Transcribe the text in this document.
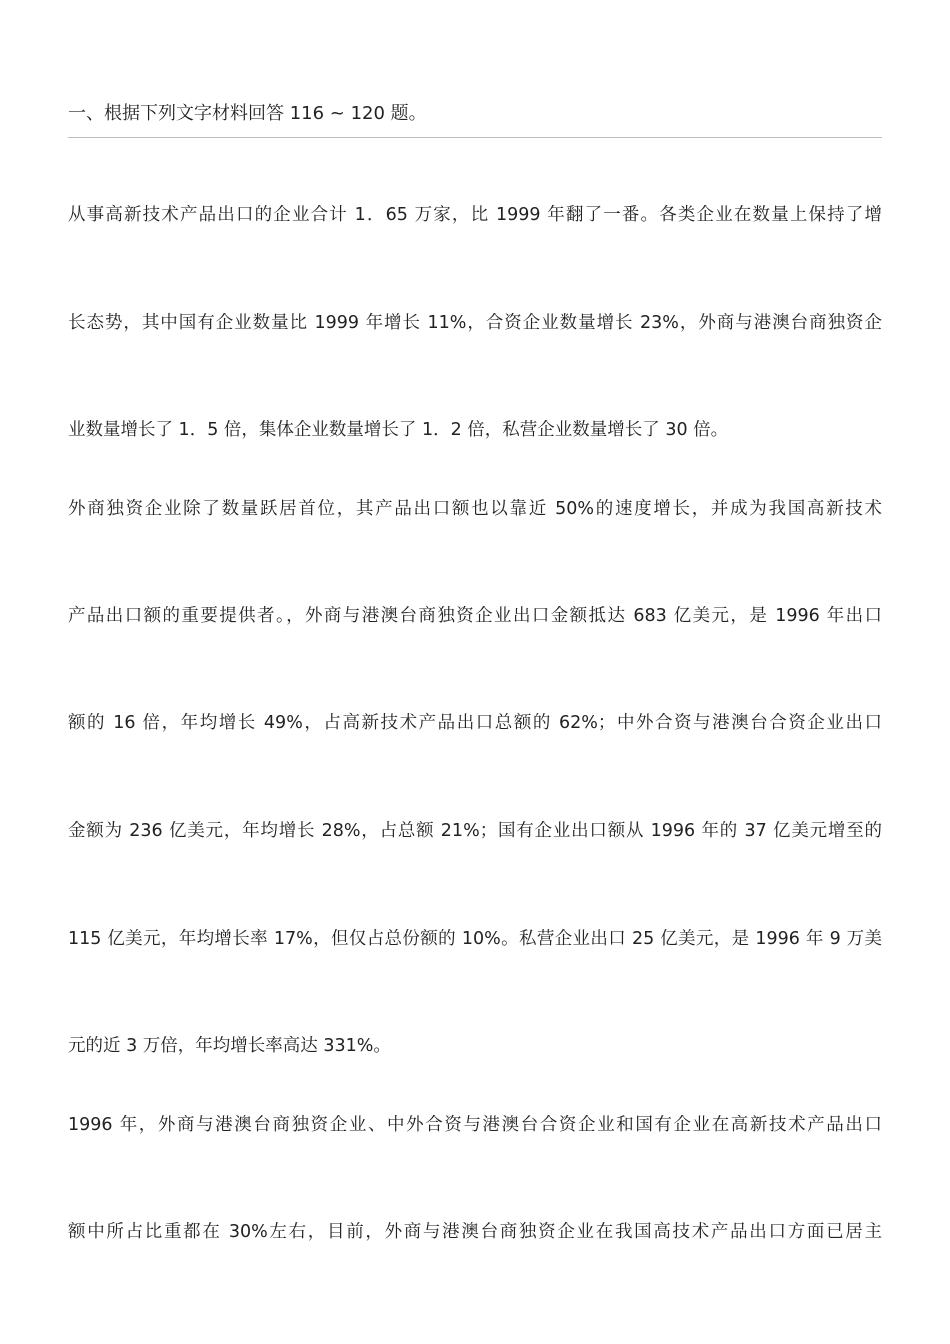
一、根据下列文字材料回答 116 ~ 120 题。
从事高新技术产品出口的企业合计 1．65 万家，比 1999 年翻了一番。各类企业在数量上保持了增
长态势，其中国有企业数量比 1999 年增长 11%，合资企业数量增长 23%，外商与港澳台商独资企
业数量增长了 1．5 倍，集体企业数量增长了 1．2 倍，私营企业数量增长了 30 倍。
外商独资企业除了数量跃居首位，其产品出口额也以靠近 50%的速度增长，并成为我国高新技术
产品出口额的重要提供者。，外商与港澳台商独资企业出口金额抵达 683 亿美元，是 1996 年出口
额的 16 倍，年均增长 49%，占高新技术产品出口总额的 62%；中外合资与港澳台合资企业出口
金额为 236 亿美元，年均增长 28%，占总额 21%；国有企业出口额从 1996 年的 37 亿美元增至的
115 亿美元，年均增长率 17%，但仅占总份额的 10%。私营企业出口 25 亿美元，是 1996 年 9 万美
元的近 3 万倍，年均增长率高达 331%。
1996 年，外商与港澳台商独资企业、中外合资与港澳台合资企业和国有企业在高新技术产品出口
额中所占比重都在 30%左右，目前，外商与港澳台商独资企业在我国高技术产品出口方面已居主
